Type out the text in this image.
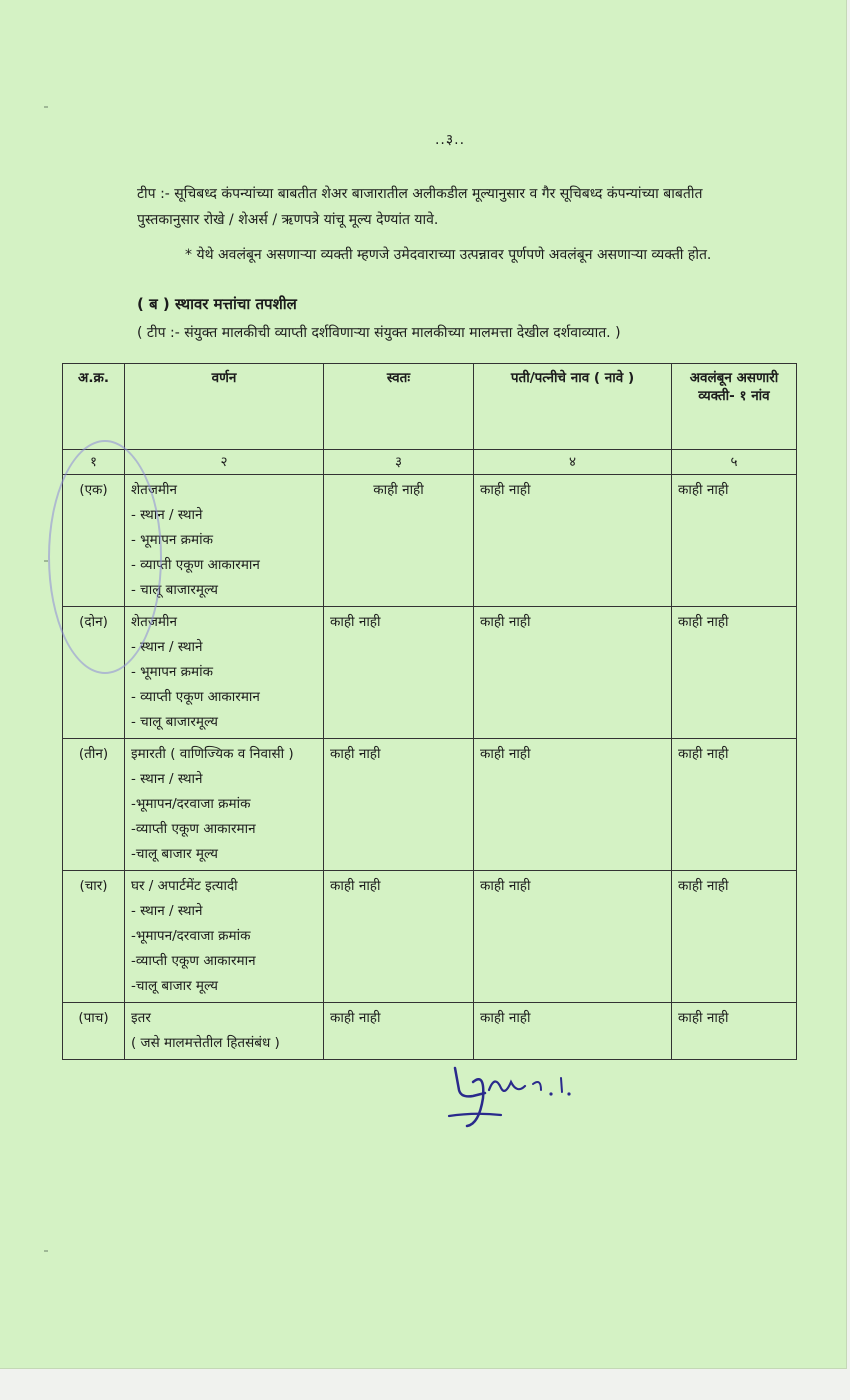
..३..
टीप :- सूचिबध्द कंपन्यांच्या बाबतीत शेअर बाजारातील अलीकडील मूल्यानुसार व गैर सूचिबध्द कंपन्यांच्या बाबतीत पुस्तकानुसार रोखे / शेअर्स / ऋणपत्रे यांचू मूल्य देण्यांत यावे.
* येथे अवलंबून असणाऱ्या व्यक्ती म्हणजे उमेदवाराच्या उत्पन्नावर पूर्णपणे अवलंबून असणाऱ्या व्यक्ती होत.
( ब ) स्थावर मत्तांचा तपशील
( टीप :- संयुक्त मालकीची व्याप्ती दर्शविणाऱ्या संयुक्त मालकीच्या मालमत्ता देखील दर्शवाव्यात. )
अ.क्र.	वर्णन	स्वतः	पती/पत्नीचे नाव ( नावे )	अवलंबून असणारी व्यक्ती- १ नांव
१	२	३	४	५
(एक)	शेतजमीन
- स्थान / स्थाने
- भूमापन क्रमांक
- व्याप्ती एकूण आकारमान
- चालू बाजारमूल्य	काही नाही	काही नाही	काही नाही
(दोन)	शेतजमीन
- स्थान / स्थाने
- भूमापन क्रमांक
- व्याप्ती एकूण आकारमान
- चालू बाजारमूल्य	काही नाही	काही नाही	काही नाही
(तीन)	इमारती ( वाणिज्यिक व निवासी )
- स्थान / स्थाने
-भूमापन/दरवाजा क्रमांक
-व्याप्ती एकूण आकारमान
-चालू बाजार मूल्य	काही नाही	काही नाही	काही नाही
(चार)	घर / अपार्टमेंट इत्यादी
- स्थान / स्थाने
-भूमापन/दरवाजा क्रमांक
-व्याप्ती एकूण आकारमान
-चालू बाजार मूल्य	काही नाही	काही नाही	काही नाही
(पाच)	इतर
( जसे मालमत्तेतील हितसंबंध )	काही नाही	काही नाही	काही नाही
